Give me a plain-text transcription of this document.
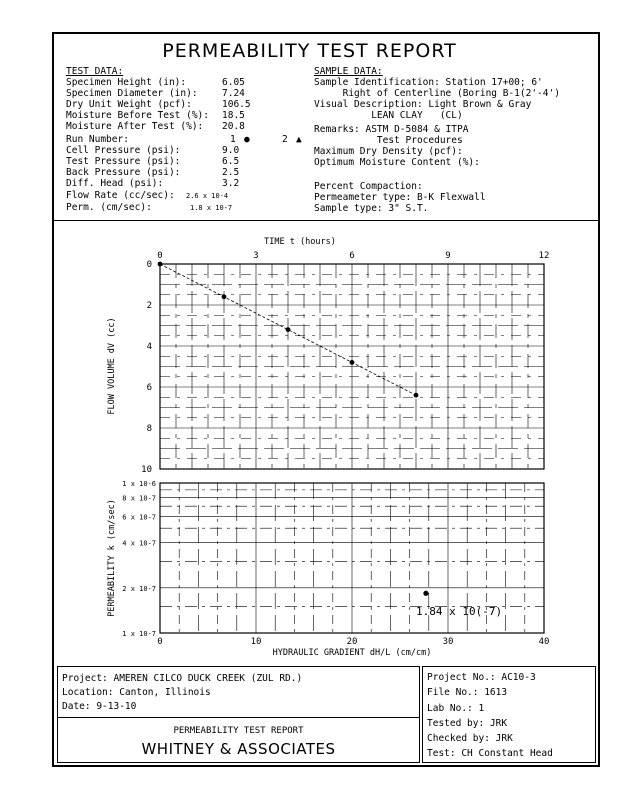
PERMEABILITY TEST REPORT
TEST DATA:
Specimen Height (in):	6.05
Specimen Diameter (in):	7.24
Dry Unit Weight (pcf):	106.5
Moisture Before Test (%): 18.5
Moisture After Test (%): 20.8
Run Number:	1 ●	2 ▲
Cell Pressure (psi):	9.0
Test Pressure (psi):	6.5
Back Pressure (psi):	2.5
Diff. Head (psi):	3.2
Flow Rate (cc/sec): 2.6 x 10-4
Perm. (cm/sec):	1.8 x 10-7
SAMPLE DATA:
Sample Identification: Station 17+00; 6'
Right of Centerline (Boring B-1(2'-4')
Visual Description: Light Brown & Gray
LEAN CLAY   (CL)
Remarks: ASTM D-5084 & ITPA
Test Procedures
Maximum Dry Density (pcf):
Optimum Moisture Content (%):
Percent Compaction:
Permeameter type: B-K Flexwall
Sample type: 3" S.T.
TIME t (hours)
0	3	6	9	12
0
2
4
6
8
10
FLOW VOLUME dV (cc)
1 x 10-6
8 x 10-7
6 x 10-7
4 x 10-7
2 x 10-7
1 x 10-7
0	10	20	30	40
PERMEABILITY k (cm/sec)
HYDRAULIC GRADIENT dH/L (cm/cm)
1.84 x 10(-7)
Project: AMEREN CILCO DUCK CREEK (ZUL RD.)
Location: Canton, Illinois
Date: 9-13-10
PERMEABILITY TEST REPORT
WHITNEY & ASSOCIATES
Project No.: AC10-3
File No.: 1613
Lab No.: 1
Tested by: JRK
Checked by: JRK
Test: CH Constant Head
